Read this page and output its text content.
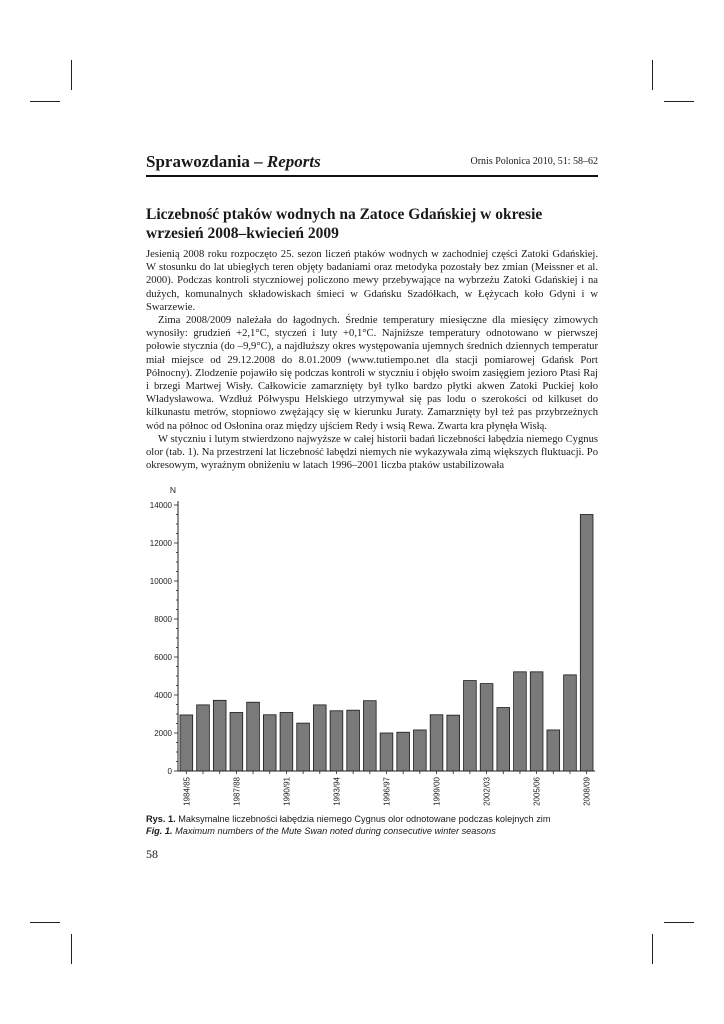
Sprawozdania – Reports	Ornis Polonica 2010, 51: 58–62
Liczebność ptaków wodnych na Zatoce Gdańskiej w okresie wrzesień 2008–kwiecień 2009

Jesienią 2008 roku rozpoczęto 25. sezon liczeń ptaków wodnych w zachodniej części Zatoki Gdańskiej. W stosunku do lat ubiegłych teren objęty badaniami oraz metodyka pozostały bez zmian (Meissner et al. 2000). Podczas kontroli styczniowej policzono mewy przebywające na wybrzeżu Zatoki Gdańskiej i na dużych, komunalnych składowiskach śmieci w Gdańsku Szadółkach, w Łężycach koło Gdyni i w Swarzewie.

Zima 2008/2009 należała do łagodnych. Średnie temperatury miesięczne dla miesięcy zimowych wynosiły: grudzień +2,1°C, styczeń i luty +0,1°C. Najniższe temperatury odnotowano w pierwszej połowie stycznia (do –9,9°C), a najdłuższy okres występowania ujemnych średnich dziennych temperatur miał miejsce od 29.12.2008 do 8.01.2009 (www.tutiempo.net dla stacji pomiarowej Gdańsk Port Północny). Zlodzenie pojawiło się podczas kontroli w styczniu i objęło swoim zasięgiem jezioro Ptasi Raj i brzegi Martwej Wisły. Całkowicie zamarznięty był tylko bardzo płytki akwen Zatoki Puckiej koło Władysławowa. Wzdłuż Półwyspu Helskiego utrzymywał się pas lodu o szerokości od kilkuset do kilkunastu metrów, stopniowo zwężający się w kierunku Juraty. Zamarznięty był też pas przybrzeżnych wód na północ od Osłonina oraz między ujściem Redy i wsią Rewa. Zwarta kra płynęła Wisłą.

W styczniu i lutym stwierdzono najwyższe w całej historii badań liczebności łabędzia niemego Cygnus olor (tab. 1). Na przestrzeni lat liczebność łabędzi niemych nie wykazywała zimą większych fluktuacji. Po okresowym, wyraźnym obniżeniu w latach 1996–2001 liczba ptaków ustabilizowała

N
0
2000
4000
6000
8000
10000
12000
14000
1984/85	1987/88	1990/91	1993/94	1996/97	1999/00	2002/03	2005/06	2008/09
Rys. 1. Maksymalne liczebności łabędzia niemego Cygnus olor odnotowane podczas kolejnych zim
Fig. 1. Maximum numbers of the Mute Swan noted during consecutive winter seasons
58
